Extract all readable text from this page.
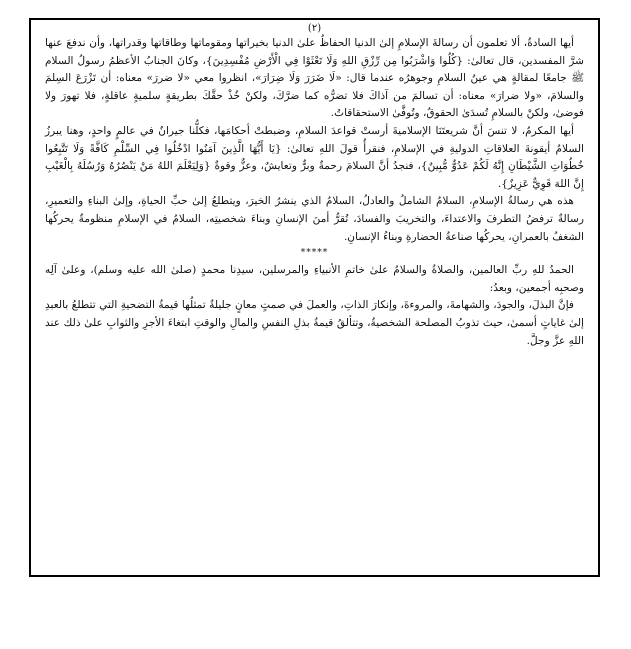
(٢)

أيها السادةُ، ألا تعلمون أن رسالةَ الإسلامِ إلىٰ الدنيا الحفاظُ علىٰ الدنيا بخيراتها ومقوماتها وطاقاتها وقدراتها، وأن ندفعَ عنها شرَّ المفسدين، قال تعالىٰ: {كُلُوا وَاشْرَبُوا مِن رِّزْقِ اللهِ وَلَا تَعْثَوْا فِي الْأَرْضِ مُفْسِدِينَ}، وكانَ الجنابُ الأعظمُ رسولُ السلام ﷺ جامعًا لمقالةٍ هي عينُ السلامِ وجوهرُه عندما قال: «لَا ضَرَرَ وَلَا ضِرَارَ»، انظروا معي «لا ضررَ» معناه: أن تَزْرَعَ السِلمَ والسلامَ، «ولا ضرارَ» معناه: أن تسالمَ من آذاكَ فلا تضرُّه كما ضرَّكَ، ولكنْ خُذْ حقَّكَ بطريقةٍ سلميةٍ عاقلةٍ، فلا تهورَ ولا فوضىٰ، ولكنْ بالسلامِ تُسدَىٰ الحقوقُ، وتُوفَّىٰ الاستحقاقاتُ.

أيها المكرمُ، لا تنسَ أنَّ شريعتَنَا الإسلاميةَ أرستْ قواعدَ السلامِ، وضبطتْ أحكامَها، فكلُّنا جيرانٌ في عالمٍ واحدٍ، وهنا يبرزُ السلامُ أيقونةَ العلاقاتِ الدوليةِ في الإسلامِ، فنقرأُ قولَ اللهِ تعالىٰ: {يَا أَيُّهَا الَّذِينَ آمَنُوا ادْخُلُوا فِي السِّلْمِ كَافَّةً وَلَا تَتَّبِعُوا خُطُوَاتِ الشَّيْطَانِ إِنَّهُ لَكُمْ عَدُوٌّ مُّبِينٌ}، فنجدُ أنَّ السلامَ رحمةٌ وبرٌّ وتعايشٌ، وعزٌّ وقوةٌ {وَلِيَعْلَمَ اللهُ مَنْ يَنْصُرُهُ وَرُسُلَهُ بِالْغَيْبِ إِنَّ اللهَ قَوِيٌّ عَزِيزٌ}.

هذه هي رسالةُ الإسلامِ، السلامُ الشاملُ والعادلُ، السلامُ الذي ينشرُ الخيرَ، ويتطلعُ إلىٰ حبِّ الحياةِ، وإلىٰ البناءِ والتعميرِ، رسالةٌ ترفضُ التطرفَ والاعتداءَ، والتخريبَ والفسادَ، تُقرُّ أمنَ الإنسانِ وبناءَ شخصيتِه، السلامُ في الإسلامِ منظومةٌ يحركُها الشغفُ بالعمرانِ، يحركُها صناعةُ الحضارةِ وبناءُ الإنسانِ.

*****

الحمدُ للهِ ربِّ العالمين، والصلاةُ والسلامُ علىٰ خاتمِ الأنبياءِ والمرسلين، سيدِنا محمدٍ (صلىٰ الله عليه وسلم)، وعلىٰ آلِه وصحبِه أجمعين، وبعدُ:

فإنَّ البذلَ، والجودَ، والشهامةَ، والمروءةَ، وإنكارَ الذاتِ، والعملَ في صمتٍ معانٍ جليلةٌ تمثلُها قيمةُ التضحيةِ التي تتطلعُ بالعبدِ إلىٰ غاياتٍ أسمىٰ، حيث تذوبُ المصلحة الشخصيةُ، وتتألقُ قيمةُ بذلِ النفسِ والمالِ والوقتِ ابتغاءَ الأجرِ والثوابِ علىٰ ذلك عند اللهِ عزَّ وجلَّ.
